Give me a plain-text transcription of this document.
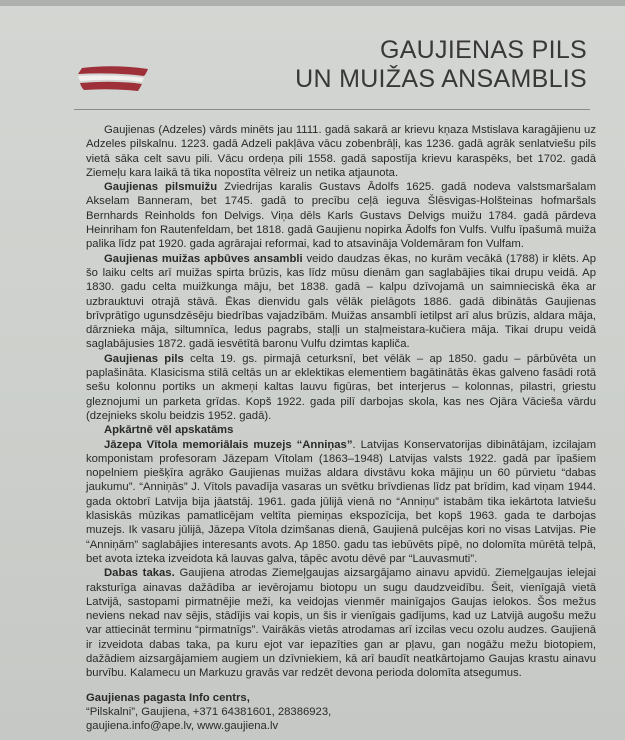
GAUJIENAS PILS
UN MUIŽAS ANSAMBLIS

Gaujienas (Adzeles) vārds minēts jau 1111. gadā sakarā ar krievu kņaza Mstislava karagājienu uz Adzeles pilskalnu. 1223. gadā Adzeli pakļāva vācu zobenbrāļi, kas 1236. gadā agrāk senlatviešu pils vietā sāka celt savu pili. Vācu ordeņa pili 1558. gadā sapostīja krievu karaspēks, bet 1702. gadā Ziemeļu kara laikā tā tika nopostīta vēlreiz un netika atjaunota.

Gaujienas pilsmuižu Zviedrijas karalis Gustavs Ādolfs 1625. gadā nodeva valstsmaršalam Akselam Banneram, bet 1745. gadā to precību ceļā ieguva Šlēsvigas-Holšteinas hofmaršals Bernhards Reinholds fon Delvigs. Viņa dēls Karls Gustavs Delvigs muižu 1784. gadā pārdeva Heinriham fon Rautenfeldam, bet 1818. gadā Gaujienu nopirka Ādolfs fon Vulfs. Vulfu īpašumā muiža palika līdz pat 1920. gada agrārajai reformai, kad to atsavināja Voldemāram fon Vulfam.

Gaujienas muižas apbūves ansambli veido daudzas ēkas, no kurām vecākā (1788) ir klēts. Ap šo laiku celts arī muižas spirta brūzis, kas līdz mūsu dienām gan saglabājies tikai drupu veidā. Ap 1830. gadu celta muižkunga māju, bet 1838. gadā – kalpu dzīvojamā un saimnieciskā ēka ar uzbrauktuvi otrajā stāvā. Ēkas dienvidu gals vēlāk pielāgots 1886. gadā dibinātās Gaujienas brīvprātīgo ugunsdzēsēju biedrības vajadzībām. Muižas ansamblī ietilpst arī alus brūzis, aldara māja, dārznieka māja, siltumnīca, ledus pagrabs, staļļi un staļmeistara-kučiera māja. Tikai drupu veidā saglabājusies 1872. gadā iesvētītā baronu Vulfu dzimtas kapliča.

Gaujienas pils celta 19. gs. pirmajā ceturksnī, bet vēlāk – ap 1850. gadu – pārbūvēta un paplašināta. Klasicisma stilā celtās un ar eklektikas elementiem bagātinātās ēkas galveno fasādi rotā sešu kolonnu portiks un akmeņi kaltas lauvu figūras, bet interjerus – kolonnas, pilastri, griestu gleznojumi un parketa grīdas. Kopš 1922. gada pilī darbojas skola, kas nes Ojāra Vācieša vārdu (dzejnieks skolu beidzis 1952. gadā).

Apkārtnē vēl apskatāms

Jāzepa Vītola memoriālais muzejs “Anniņas”. Latvijas Konservatorijas dibinātājam, izcilajam komponistam profesoram Jāzepam Vītolam (1863–1948) Latvijas valsts 1922. gadā par īpašiem nopelniem piešķīra agrāko Gaujienas muižas aldara divstāvu koka mājiņu un 60 pūrvietu “dabas jaukumu”. “Anniņās” J. Vītols pavadīja vasaras un svētku brīvdienas līdz pat brīdim, kad viņam 1944. gada oktobrī Latvija bija jāatstāj. 1961. gada jūlijā vienā no “Anniņu” istabām tika iekārtota latviešu klasiskās mūzikas pamatlicējam veltīta piemiņas ekspozīcija, bet kopš 1963. gada te darbojas muzejs. Ik vasaru jūlijā, Jāzepa Vītola dzimšanas dienā, Gaujienā pulcējas kori no visas Latvijas. Pie “Anniņām” saglabājies interesants avots. Ap 1850. gadu tas iebūvēts pīpē, no dolomīta mūrētā telpā, bet avota izteka izveidota kā lauvas galva, tāpēc avotu dēvē par “Lauvasmuti”.

Dabas takas. Gaujiena atrodas Ziemeļgaujas aizsargājamo ainavu apvidū. Ziemeļgaujas ielejai raksturīga ainavas dažādība ar ievērojamu biotopu un sugu daudzveidību. Šeit, vienīgajā vietā Latvijā, sastopami pirmatnējie meži, ka veidojas vienmēr mainīgajos Gaujas ielokos. Šos mežus neviens nekad nav sējis, stādījis vai kopis, un šis ir vienīgais gadījums, kad uz Latvijā augošu mežu var attiecināt terminu “pirmatnīgs”. Vairākās vietās atrodamas arī izcilas vecu ozolu audzes. Gaujienā ir izveidota dabas taka, pa kuru ejot var iepazīties gan ar pļavu, gan nogāžu mežu biotopiem, dažādiem aizsargājamiem augiem un dzīvniekiem, kā arī baudīt neatkārtojamo Gaujas krastu ainavu burvību. Kalamecu un Markuzu gravās var redzēt devona perioda dolomīta atsegumus.

Gaujienas pagasta Info centrs,

“Pilskalni”, Gaujiena, +371 64381601, 28386923,

gaujiena.info@ape.lv, www.gaujiena.lv
